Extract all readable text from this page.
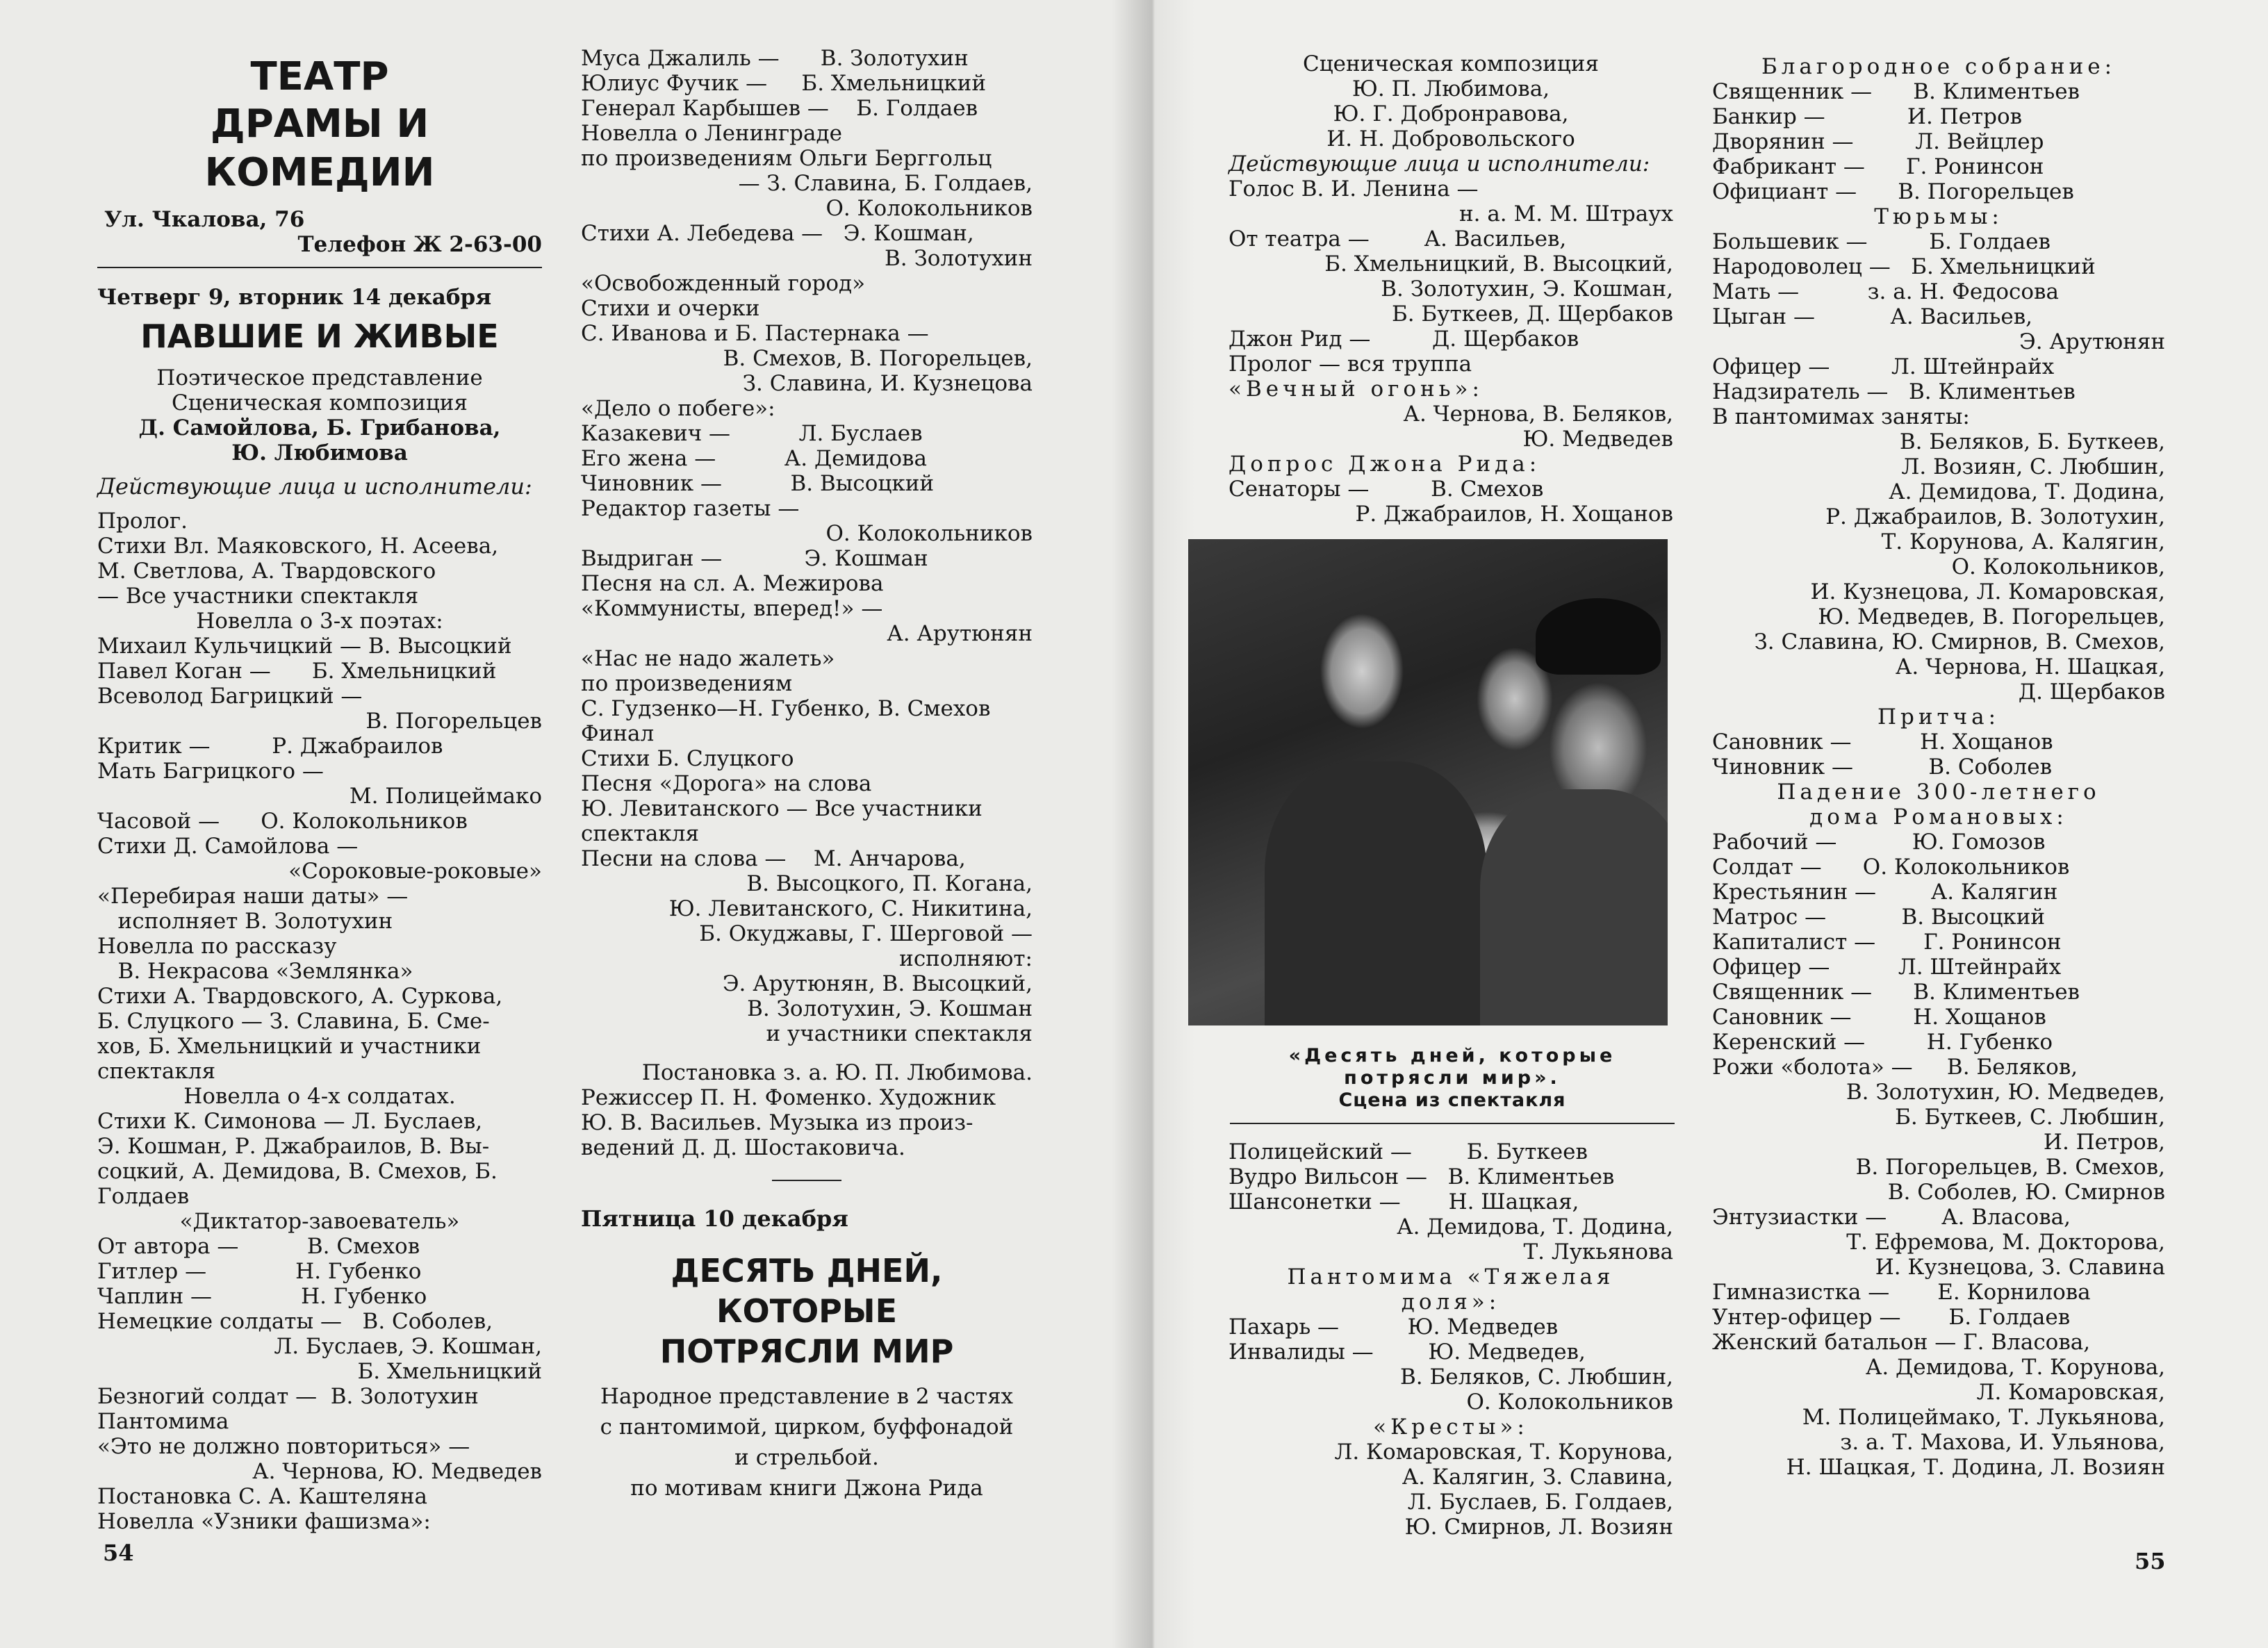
ТЕАТР
ДРАМЫ И КОМЕДИИ
Ул. Чкалова, 76
Телефон Ж 2-63-00
Четверг 9, вторник 14 декабря
ПАВШИЕ И ЖИВЫЕ
Поэтическое представление
Сценическая композиция
Д. Самойлова, Б. Грибанова,
Ю. Любимова
Действующие лица и исполнители:
Пролог.
Стихи Вл. Маяковского, Н. Асеева,
М. Светлова, А. Твардовского
— Все участники спектакля
Новелла о 3-х поэтах:
Михаил Кульчицкий — В. Высоцкий
Павел Коган —      Б. Хмельницкий
Всеволод Багрицкий —
В. Погорельцев
Критик —         Р. Джабраилов
Мать Багрицкого —
М. Полицеймако
Часовой —      О. Колокольников
Стихи Д. Самойлова —
«Сороковые-роковые»
«Перебирая наши даты» —
исполняет В. Золотухин
Новелла по рассказу
В. Некрасова «Землянка»
Стихи А. Твардовского, А. Суркова,
Б. Слуцкого — З. Славина, Б. Сме-
хов, Б. Хмельницкий и участники
спектакля
Новелла о 4-х солдатах.
Стихи К. Симонова — Л. Буслаев,
Э. Кошман, Р. Джабраилов, В. Вы-
соцкий, А. Демидова, В. Смехов, Б.
Голдаев
«Диктатор-завоеватель»
От автора —          В. Смехов
Гитлер —             Н. Губенко
Чаплин —             Н. Губенко
Немецкие солдаты —   В. Соболев,
Л. Буслаев, Э. Кошман,
Б. Хмельницкий
Безногий солдат —  В. Золотухин
Пантомима
«Это не должно повториться» —
А. Чернова, Ю. Медведев
Постановка С. А. Каштеляна
Новелла «Узники фашизма»:
54
Муса Джалиль —      В. Золотухин
Юлиус Фучик —     Б. Хмельницкий
Генерал Карбышев —    Б. Голдаев
Новелла о Ленинграде
по произведениям Ольги Берггольц
— З. Славина, Б. Голдаев,
О. Колокольников
Стихи А. Лебедева —   Э. Кошман,
В. Золотухин
«Освобожденный город»
Стихи и очерки
С. Иванова и Б. Пастернака —
В. Смехов, В. Погорельцев,
З. Славина, И. Кузнецова
«Дело о побеге»:
Казакевич —          Л. Буслаев
Его жена —          А. Демидова
Чиновник —          В. Высоцкий
Редактор газеты —
О. Колокольников
Выдриган —            Э. Кошман
Песня на сл. А. Межирова
«Коммунисты, вперед!» —
А. Арутюнян
«Нас не надо жалеть»
по произведениям
С. Гудзенко—Н. Губенко, В. Смехов
Финал
Стихи Б. Слуцкого
Песня «Дорога» на слова
Ю. Левитанского — Все участники
спектакля
Песни на слова —    М. Анчарова,
В. Высоцкого, П. Когана,
Ю. Левитанского, С. Никитина,
Б. Окуджавы, Г. Шерговой —
исполняют:
Э. Арутюнян, В. Высоцкий,
В. Золотухин, Э. Кошман
и участники спектакля
Постановка з. а. Ю. П. Любимова.
Режиссер П. Н. Фоменко. Художник
Ю. В. Васильев. Музыка из произ-
ведений Д. Д. Шостаковича.
Пятница 10 декабря
ДЕСЯТЬ ДНЕЙ,
КОТОРЫЕ
ПОТРЯСЛИ МИР
Народное представление в 2 частях
с пантомимой, цирком, буффонадой
и стрельбой.
по мотивам книги Джона Рида
Сценическая композиция
Ю. П. Любимова,
Ю. Г. Добронравова,
И. Н. Добровольского
Действующие лица и исполнители:
Голос В. И. Ленина —
н. а. М. М. Штраух
От театра —        А. Васильев,
Б. Хмельницкий, В. Высоцкий,
В. Золотухин, Э. Кошман,
Б. Буткеев, Д. Щербаков
Джон Рид —         Д. Щербаков
Пролог — вся труппа
«Вечный огонь»:
А. Чернова, В. Беляков,
Ю. Медведев
Допрос Джона Рида:
Сенаторы —         В. Смехов
Р. Джабраилов, Н. Хощанов
«Десять дней, которые
потрясли мир».
Сцена из спектакля
Полицейский —        Б. Буткеев
Вудро Вильсон —   В. Климентьев
Шансонетки —       Н. Шацкая,
А. Демидова, Т. Додина,
Т. Лукьянова
Пантомима «Тяжелая
доля»:
Пахарь —          Ю. Медведев
Инвалиды —        Ю. Медведев,
В. Беляков, С. Любшин,
О. Колокольников
«Кресты»:
Л. Комаровская, Т. Корунова,
А. Калягин, З. Славина,
Л. Буслаев, Б. Голдаев,
Ю. Смирнов, Л. Возиян
Благородное собрание:
Священник —      В. Климентьев
Банкир —            И. Петров
Дворянин —         Л. Вейцлер
Фабрикант —      Г. Ронинсон
Официант —      В. Погорельцев
Тюрьмы:
Большевик —         Б. Голдаев
Народоволец —   Б. Хмельницкий
Мать —          з. а. Н. Федосова
Цыган —           А. Васильев,
Э. Арутюнян
Офицер —         Л. Штейнрайх
Надзиратель —   В. Климентьев
В пантомимах заняты:
В. Беляков, Б. Буткеев,
Л. Возиян, С. Любшин,
А. Демидова, Т. Додина,
Р. Джабраилов, В. Золотухин,
Т. Корунова, А. Калягин,
О. Колокольников,
И. Кузнецова, Л. Комаровская,
Ю. Медведев, В. Погорельцев,
З. Славина, Ю. Смирнов, В. Смехов,
А. Чернова, Н. Шацкая,
Д. Щербаков
Притча:
Сановник —          Н. Хощанов
Чиновник —           В. Соболев
Падение 300-летнего
дома Романовых:
Рабочий —           Ю. Гомозов
Солдат —      О. Колокольников
Крестьянин —        А. Калягин
Матрос —           В. Высоцкий
Капиталист —       Г. Ронинсон
Офицер —          Л. Штейнрайх
Священник —      В. Климентьев
Сановник —         Н. Хощанов
Керенский —         Н. Губенко
Рожи «болота» —     В. Беляков,
В. Золотухин, Ю. Медведев,
Б. Буткеев, С. Любшин,
И. Петров,
В. Погорельцев, В. Смехов,
В. Соболев, Ю. Смирнов
Энтузиастки —        А. Власова,
Т. Ефремова, М. Докторова,
И. Кузнецова, З. Славина
Гимназистка —       Е. Корнилова
Унтер-офицер —       Б. Голдаев
Женский батальон — Г. Власова,
А. Демидова, Т. Корунова,
Л. Комаровская,
М. Полицеймако, Т. Лукьянова,
з. а. Т. Махова, И. Ульянова,
Н. Шацкая, Т. Додина, Л. Возиян
55
